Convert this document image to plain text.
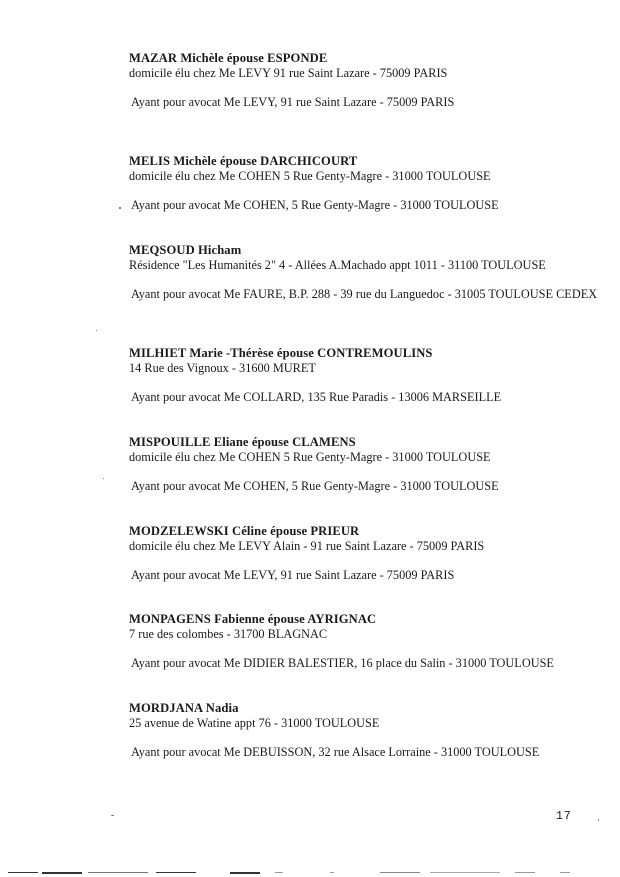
MAZAR Michèle épouse ESPONDE

domicile élu chez Me LEVY 91 rue Saint Lazare - 75009 PARIS

Ayant pour avocat Me LEVY, 91 rue Saint Lazare - 75009 PARIS

MELIS Michèle épouse DARCHICOURT

domicile élu chez Me COHEN 5 Rue Genty-Magre - 31000 TOULOUSE

Ayant pour avocat Me COHEN, 5 Rue Genty-Magre - 31000 TOULOUSE

MEQSOUD Hicham

Résidence "Les Humanités 2" 4 - Allées A.Machado appt 1011 - 31100 TOULOUSE

Ayant pour avocat Me FAURE, B.P. 288 - 39 rue du Languedoc - 31005 TOULOUSE CEDEX

MILHIET Marie -Thérèse épouse CONTREMOULINS

14 Rue des Vignoux - 31600 MURET

Ayant pour avocat Me COLLARD, 135 Rue Paradis - 13006 MARSEILLE

MISPOUILLE Eliane épouse CLAMENS

domicile élu chez Me COHEN 5 Rue Genty-Magre - 31000 TOULOUSE

Ayant pour avocat Me COHEN, 5 Rue Genty-Magre - 31000 TOULOUSE

MODZELEWSKI Céline épouse PRIEUR

domicile élu chez Me LEVY Alain - 91 rue Saint Lazare - 75009 PARIS

Ayant pour avocat Me LEVY, 91 rue Saint Lazare - 75009 PARIS

MONPAGENS Fabienne épouse AYRIGNAC

7 rue des colombes - 31700 BLAGNAC

Ayant pour avocat Me DIDIER BALESTIER, 16 place du Salin - 31000 TOULOUSE

MORDJANA Nadia

25 avenue de Watine appt 76 - 31000 TOULOUSE

Ayant pour avocat Me DEBUISSON, 32 rue Alsace Lorraine - 31000 TOULOUSE

17
